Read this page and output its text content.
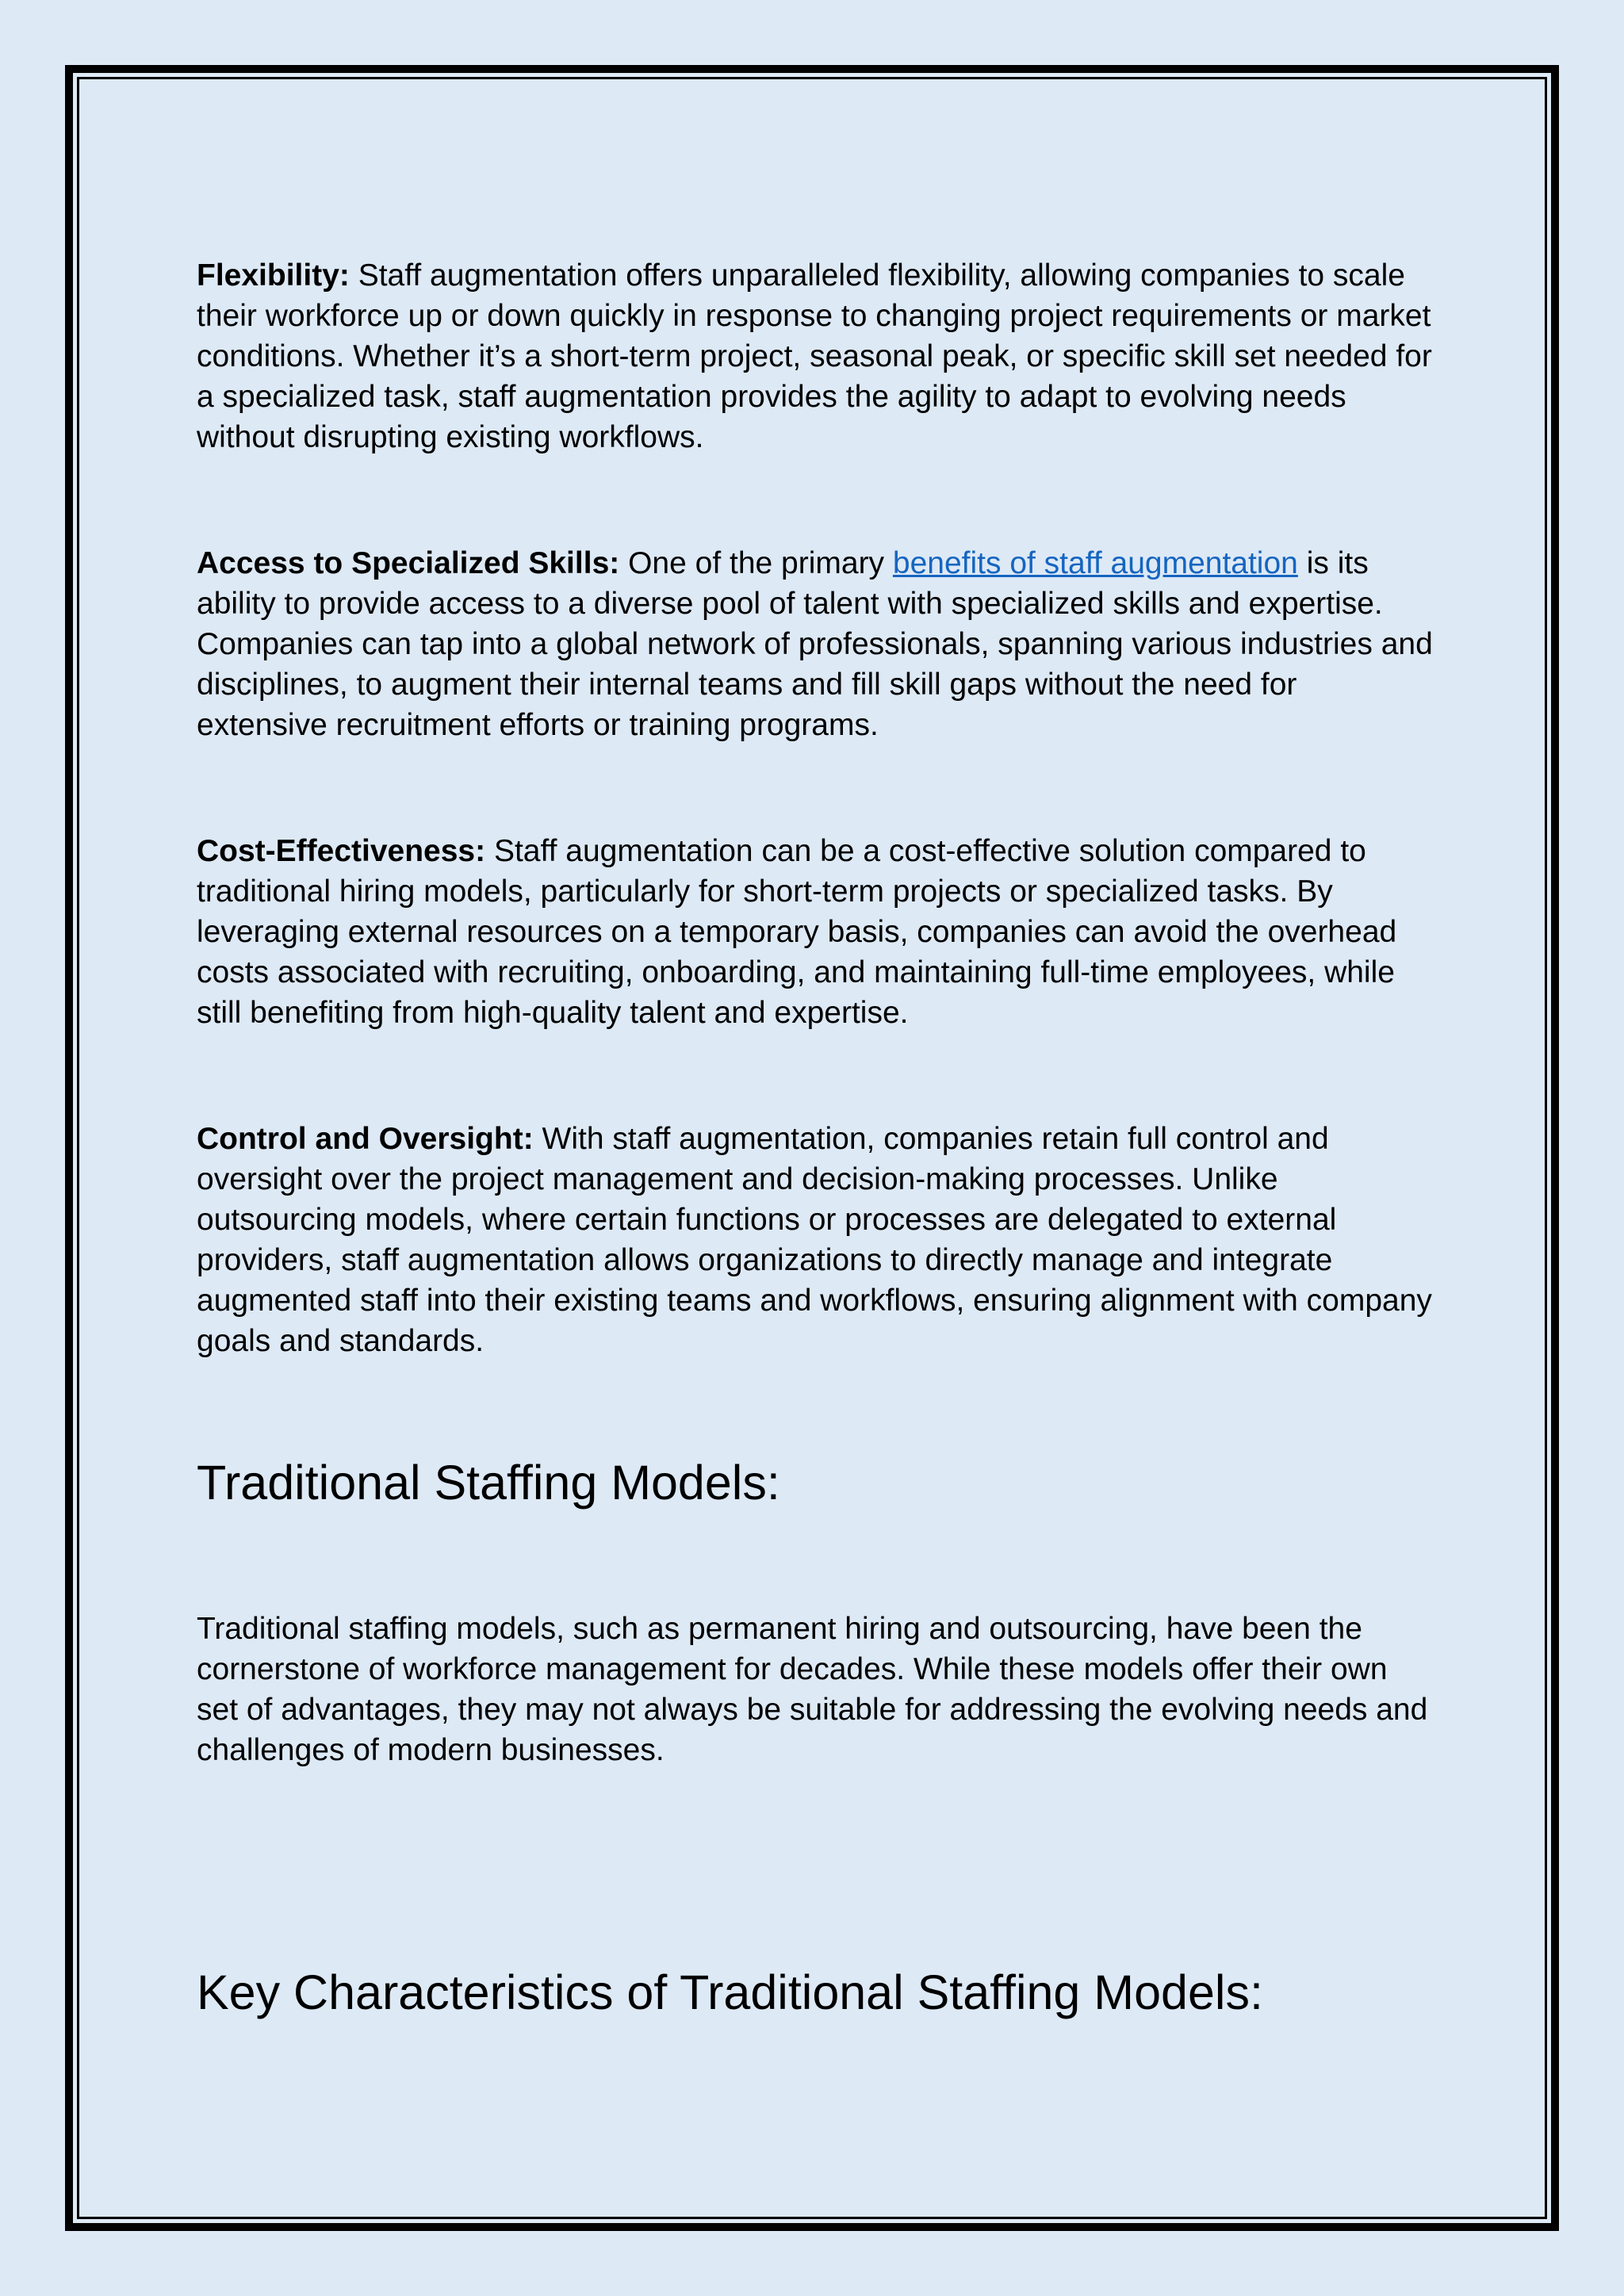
Flexibility: Staff augmentation offers unparalleled flexibility, allowing companies to scale their workforce up or down quickly in response to changing project requirements or market conditions. Whether it’s a short-term project, seasonal peak, or specific skill set needed for a specialized task, staff augmentation provides the agility to adapt to evolving needs without disrupting existing workflows.

Access to Specialized Skills: One of the primary benefits of staff augmentation is its ability to provide access to a diverse pool of talent with specialized skills and expertise. Companies can tap into a global network of professionals, spanning various industries and disciplines, to augment their internal teams and fill skill gaps without the need for extensive recruitment efforts or training programs.

Cost-Effectiveness: Staff augmentation can be a cost-effective solution compared to traditional hiring models, particularly for short-term projects or specialized tasks. By leveraging external resources on a temporary basis, companies can avoid the overhead costs associated with recruiting, onboarding, and maintaining full-time employees, while still benefiting from high-quality talent and expertise.

Control and Oversight: With staff augmentation, companies retain full control and oversight over the project management and decision-making processes. Unlike outsourcing models, where certain functions or processes are delegated to external providers, staff augmentation allows organizations to directly manage and integrate augmented staff into their existing teams and workflows, ensuring alignment with company goals and standards.

Traditional Staffing Models:

Traditional staffing models, such as permanent hiring and outsourcing, have been the cornerstone of workforce management for decades. While these models offer their own set of advantages, they may not always be suitable for addressing the evolving needs and challenges of modern businesses.

Key Characteristics of Traditional Staffing Models:
